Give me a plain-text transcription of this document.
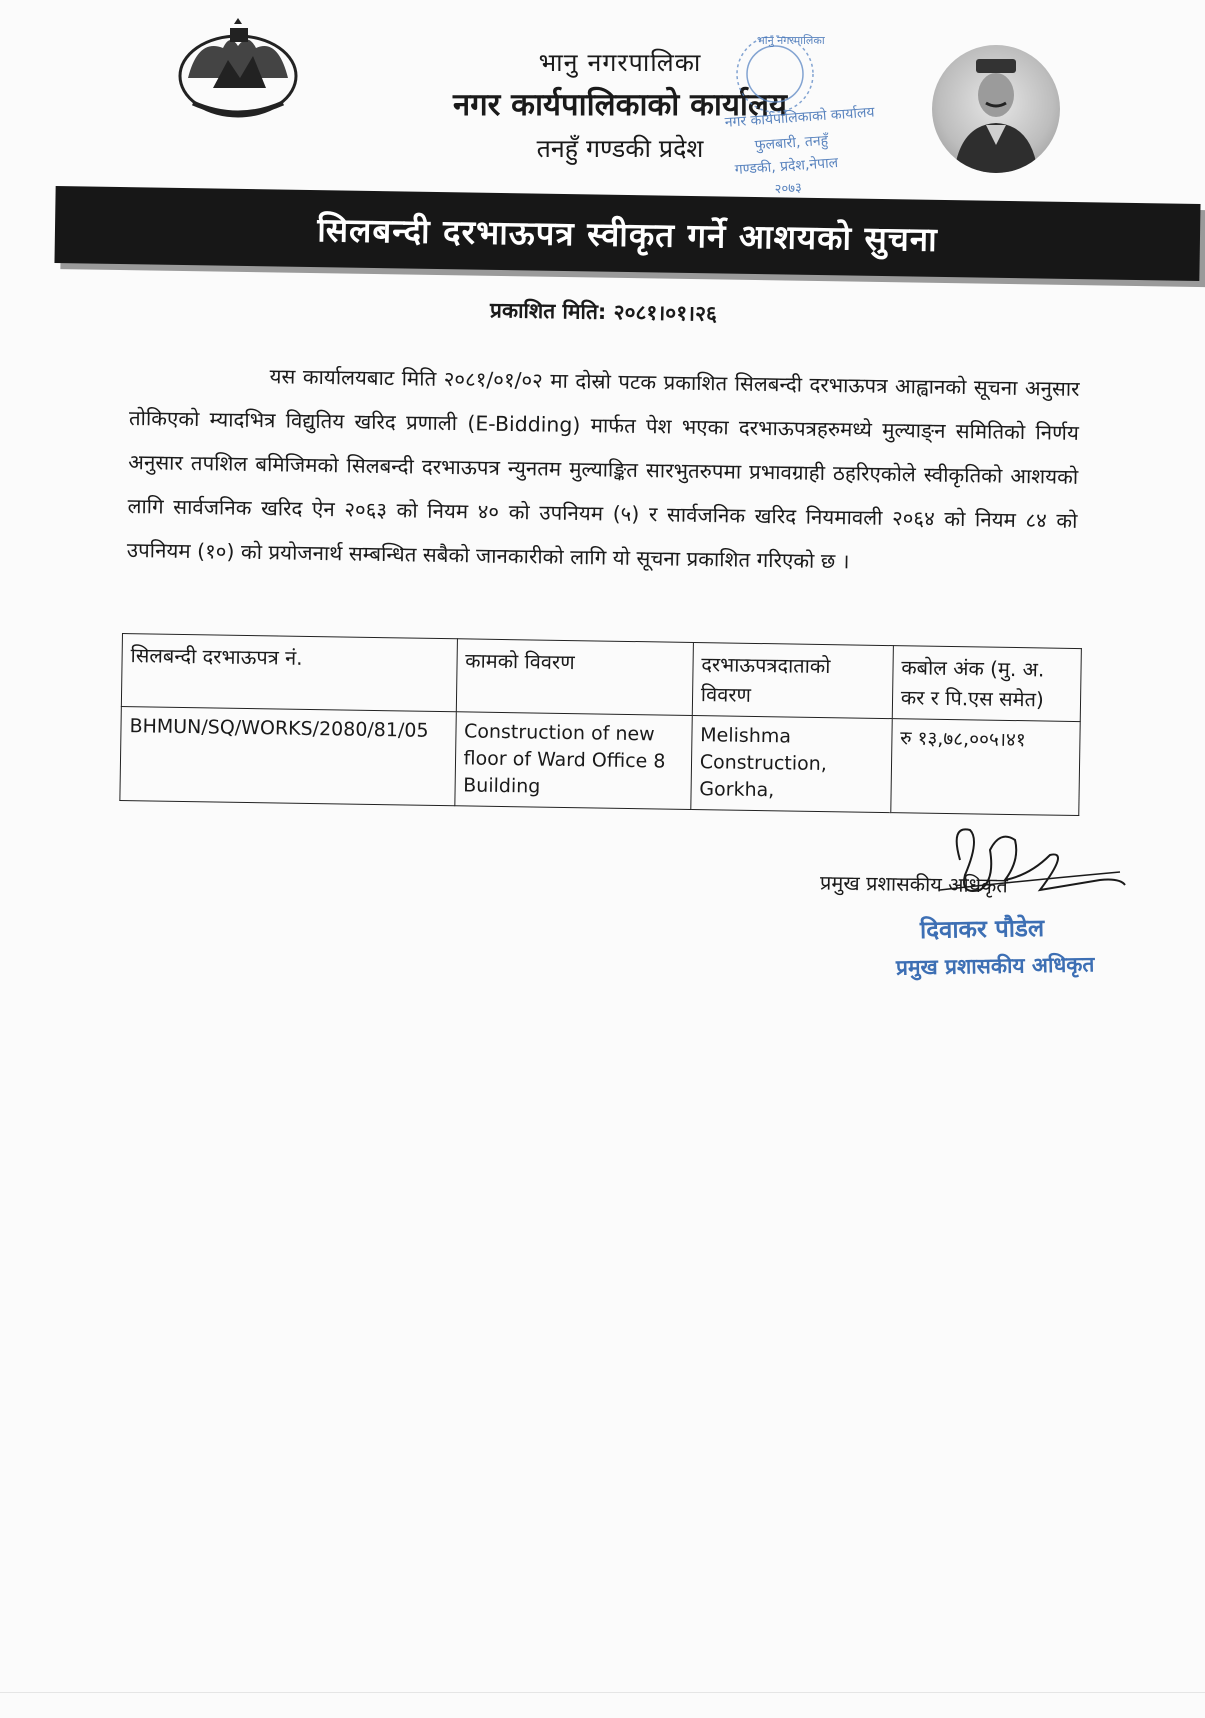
भानु नगरपालिका
नगर कार्यपालिकाको कार्यालय
तनहुँ गण्डकी प्रदेश
भानु नगरपालिका
नगर कार्यपालिकाको कार्यालय
फुलबारी, तनहुँ
गण्डकी, प्रदेश,नेपाल
२०७३
सिलबन्दी दरभाऊपत्र स्वीकृत गर्ने आशयको सुचना
प्रकाशित मिति: २०८१।०१।२६
यस कार्यालयबाट मिति २०८१/०१/०२ मा दोस्रो पटक प्रकाशित सिलबन्दी दरभाऊपत्र आह्वानको सूचना अनुसार तोकिएको म्यादभित्र विद्युतिय खरिद प्रणाली (E-Bidding) मार्फत पेश भएका दरभाऊपत्रहरुमध्ये मुल्याङ्न समितिको निर्णय अनुसार तपशिल बमिजिमको सिलबन्दी दरभाऊपत्र न्युनतम मुल्याङ्कित सारभुतरुपमा प्रभावग्राही ठहरिएकोले स्वीकृतिको आशयको लागि सार्वजनिक खरिद ऐन २०६३ को नियम ४० को उपनियम (५) र सार्वजनिक खरिद नियमावली २०६४ को नियम ८४ को उपनियम (१०) को प्रयोजनार्थ सम्बन्धित सबैको जानकारीको लागि यो सूचना प्रकाशित गरिएको छ ।
सिलबन्दी दरभाऊपत्र नं.	कामको विवरण	दरभाऊपत्रदाताको विवरण	कबोल अंक (मु. अ. कर र पि.एस समेत)
BHMUN/SQ/WORKS/2080/81/05	Construction of new floor of Ward Office 8 Building	Melishma Construction, Gorkha,	रु १३,७८,००५।४१
प्रमुख प्रशासकीय अधिकृत
दिवाकर पौडेल
प्रमुख प्रशासकीय अधिकृत
